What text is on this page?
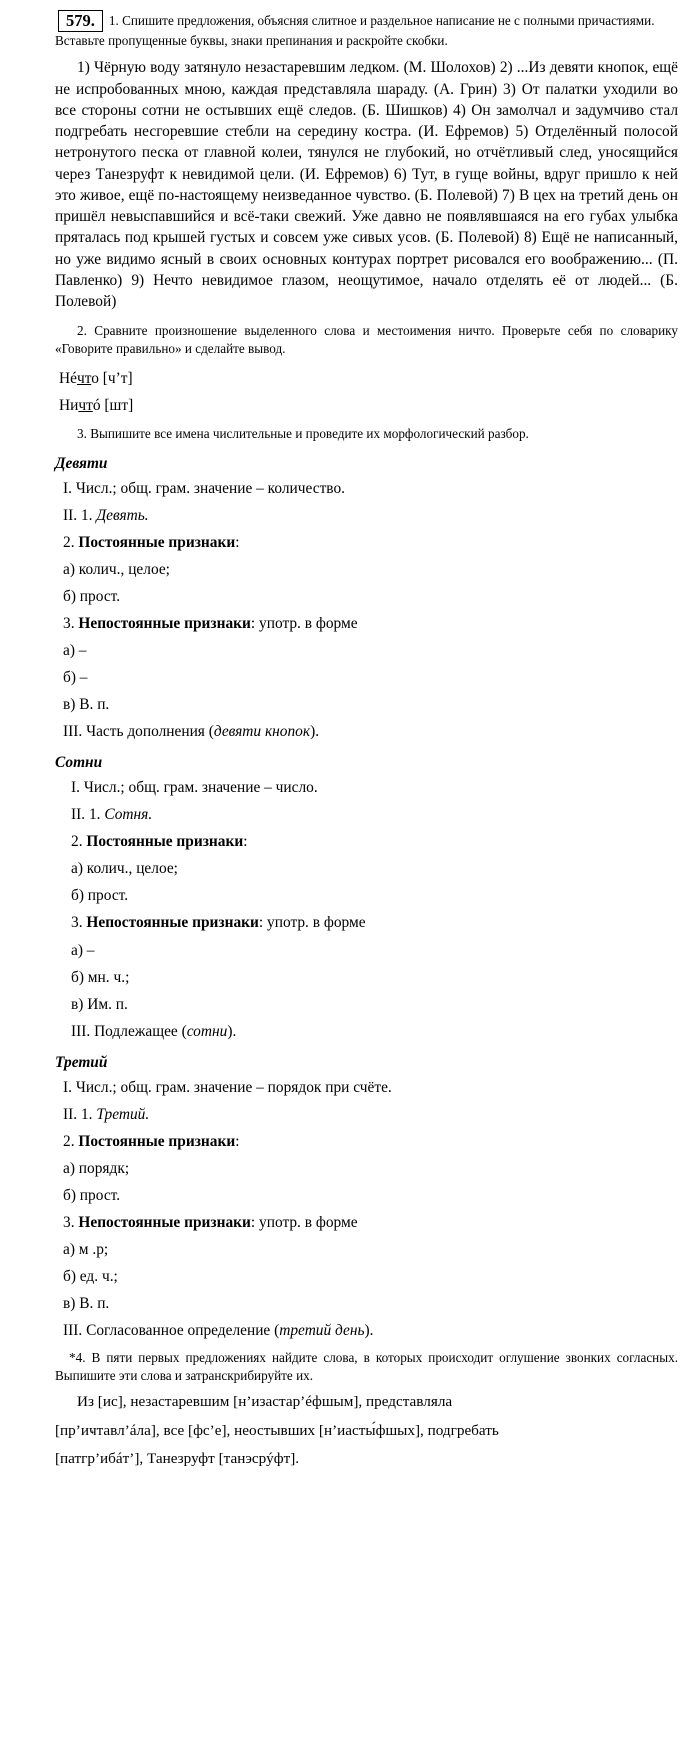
579. 1. Спишите предложения, объясняя слитное и раздельное написание не с полными причастиями. Вставьте пропущенные буквы, знаки препинания и раскройте скобки.
1) Чёрную воду затянуло незастаревшим ледком. (М. Шолохов) 2) ...Из девяти кнопок, ещё не испробованных мною, каждая представляла шараду. (А. Грин) 3) От палатки уходили во все стороны сотни не остывших ещё следов. (Б. Шишков) 4) Он замолчал и задумчиво стал подгребать несгоревшие стебли на середину костра. (И. Ефремов) 5) Отделённый полосой нетронутого песка от главной колеи, тянулся не глубокий, но отчётливый след, уносящийся через Танезруфт к невидимой цели. (И. Ефремов) 6) Тут, в гуще войны, вдруг пришло к ней это живое, ещё по-настоящему неизведанное чувство. (Б. Полевой) 7) В цех на третий день он пришёл невыспавшийся и всё-таки свежий. Уже давно не появлявшаяся на его губах улыбка пряталась под крышей густых и совсем уже сивых усов. (Б. Полевой) 8) Ещё не написанный, но уже видимо ясный в своих основных контурах портрет рисовался его воображению... (П. Павленко) 9) Нечто невидимое глазом, неощутимое, начало отделять её от людей... (Б. Полевой)
2. Сравните произношение выделенного слова и местоимения ничто. Проверьте себя по словарику «Говорите правильно» и сделайте вывод.
Нéчто [ч’т]
Ничтó [шт]
3. Выпишите все имена числительные и проведите их морфологический разбор.
Девяти
I. Числ.; общ. грам. значение – количество.
II. 1. Девять.
2. Постоянные признаки:
а) колич., целое;
б) прост.
3. Непостоянные признаки: употр. в форме
а) –
б) –
в) В. п.
III. Часть дополнения (девяти кнопок).
Сотни
I. Числ.; общ. грам. значение – число.
II. 1. Сотня.
2. Постоянные признаки:
а) колич., целое;
б) прост.
3. Непостоянные признаки: употр. в форме
а) –
б) мн. ч.;
в) Им. п.
III. Подлежащее (сотни).
Третий
I. Числ.; общ. грам. значение – порядок при счёте.
II. 1. Третий.
2. Постоянные признаки:
а) порядк;
б) прост.
3. Непостоянные признаки: употр. в форме
а) м .р;
б) ед. ч.;
в) В. п.
III. Согласованное определение (третий день).
*4. В пяти первых предложениях найдите слова, в которых происходит оглушение звонких согласных. Выпишите эти слова и затранскрибируйте их.
Из [ис], незастаревшим [н’изастар’éфшым], представляла
[пр’иҹтавл’áла], все [фс’е], неостывших [н’иасты́фшых], подгребать
[патгр’ибáт’], Танезруфт [танэсрýфт].
